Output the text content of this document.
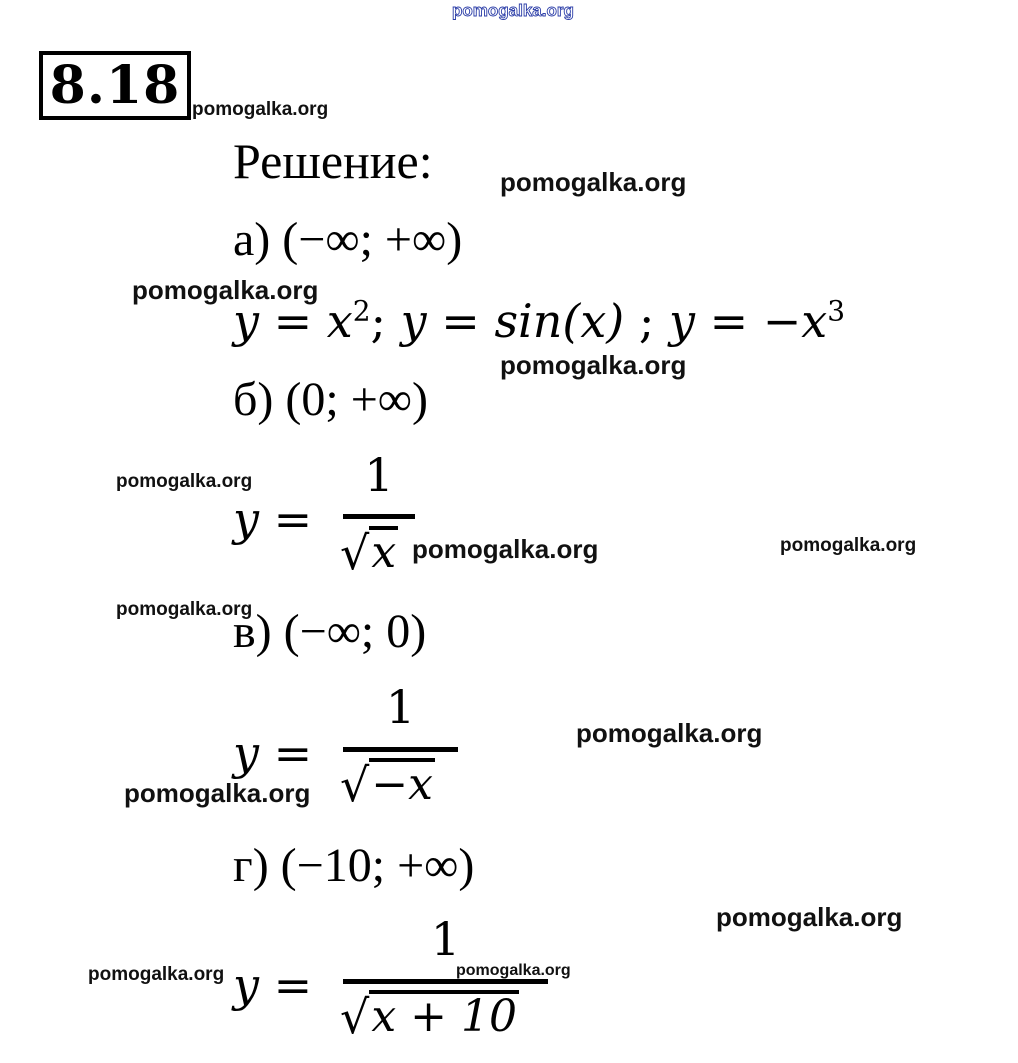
pomogalka.org
8.18
Решение:
а) (−∞; +∞)
$y = x^2$; y = sin(x) ; $y = -x^3$
б) (0; +∞)
y =
1
√ x
в) (−∞; 0)
y =
1
√ −x
г) (−10; +∞)
y =
1
√ x + 10
pomogalka.org
pomogalka.org
pomogalka.org
pomogalka.org
pomogalka.org
pomogalka.org	pomogalka.org
pomogalka.org
pomogalka.org
pomogalka.org
pomogalka.org
pomogalka.org	pomogalka.org
